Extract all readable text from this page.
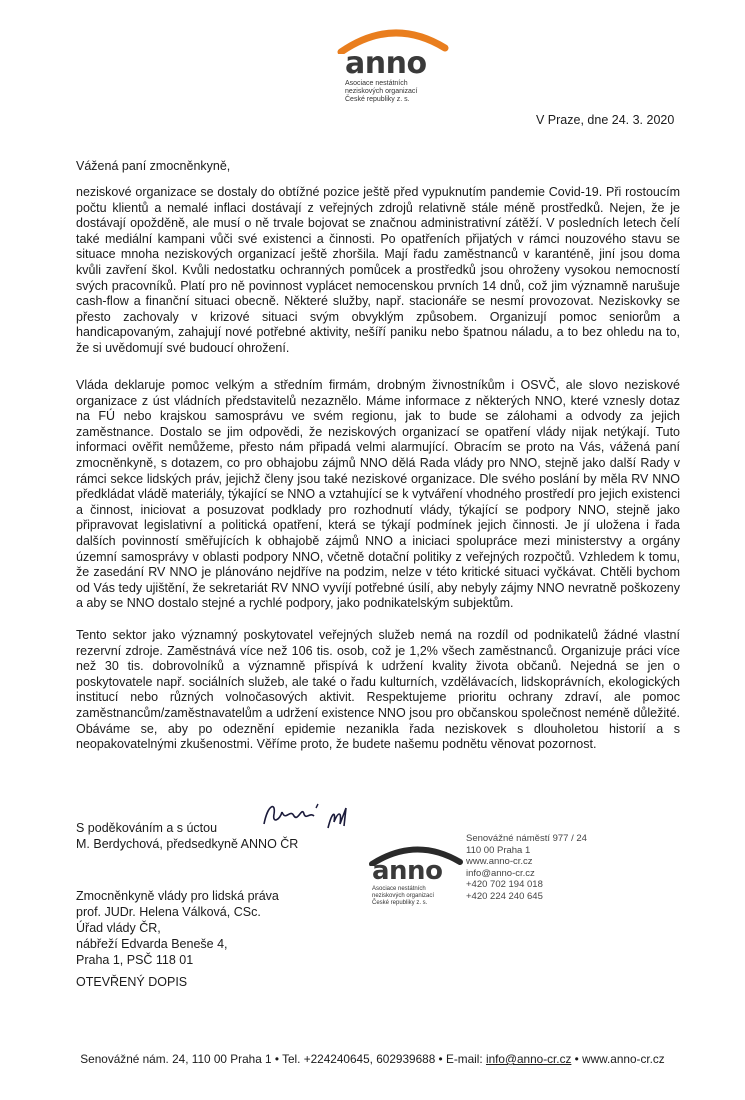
anno
Asociace nestátních
neziskových organizací
České republiky z. s.
V Praze, dne 24. 3. 2020
Vážená paní zmocněnkyně,
neziskové organizace se dostaly do obtížné pozice ještě před vypuknutím pandemie Covid-19. Při rostoucím počtu klientů a nemalé inflaci dostávají z veřejných zdrojů relativně stále méně prostředků. Nejen, že je dostávají opožděně, ale musí o ně trvale bojovat se značnou administrativní zátěží. V posledních letech čelí také mediální kampani vůči své existenci a činnosti. Po opatřeních přijatých v rámci nouzového stavu se situace mnoha neziskových organizací ještě zhoršila. Mají řadu zaměstnanců v karanténě, jiní jsou doma kvůli zavření škol. Kvůli nedostatku ochranných pomůcek a prostředků jsou ohroženy vysokou nemocností svých pracovníků. Platí pro ně povinnost vyplácet nemocenskou prvních 14 dnů, což jim významně narušuje cash-flow a finanční situaci obecně. Některé služby, např. stacionáře se nesmí provozovat. Neziskovky se přesto zachovaly v krizové situaci svým obvyklým způsobem. Organizují pomoc seniorům a handicapovaným, zahajují nové potřebné aktivity, nešíří paniku nebo špatnou náladu, a to bez ohledu na to, že si uvědomují své budoucí ohrožení.
Vláda deklaruje pomoc velkým a středním firmám, drobným živnostníkům i OSVČ, ale slovo neziskové organizace z úst vládních představitelů nezaznělo. Máme informace z některých NNO, které vznesly dotaz na FÚ nebo krajskou samosprávu ve svém regionu, jak to bude se zálohami a odvody za jejich zaměstnance. Dostalo se jim odpovědi, že neziskových organizací se opatření vlády nijak netýkají. Tuto informaci ověřit nemůžeme, přesto nám připadá velmi alarmující. Obracím se proto na Vás, vážená paní zmocněnkyně, s dotazem, co pro obhajobu zájmů NNO dělá Rada vlády pro NNO, stejně jako další Rady v rámci sekce lidských práv, jejichž členy jsou také neziskové organizace. Dle svého poslání by měla RV NNO předkládat vládě materiály, týkající se NNO a vztahující se k vytváření vhodného prostředí pro jejich existenci a činnost, iniciovat a posuzovat podklady pro rozhodnutí vlády, týkající se podpory NNO, stejně jako připravovat legislativní a politická opatření, která se týkají podmínek jejich činnosti. Je jí uložena i řada dalších povinností směřujících k obhajobě zájmů NNO a iniciaci spolupráce mezi ministerstvy a orgány územní samosprávy v oblasti podpory NNO, včetně dotační politiky z veřejných rozpočtů. Vzhledem k tomu, že zasedání RV NNO je plánováno nejdříve na podzim, nelze v této kritické situaci vyčkávat. Chtěli bychom od Vás tedy ujištění, že sekretariát RV NNO vyvíjí potřebné úsilí, aby nebyly zájmy NNO nevratně poškozeny a aby se NNO dostalo stejné a rychlé podpory, jako podnikatelským subjektům.
Tento sektor jako významný poskytovatel veřejných služeb nemá na rozdíl od podnikatelů žádné vlastní rezervní zdroje. Zaměstnává více než 106 tis. osob, což je 1,2% všech zaměstnanců. Organizuje práci více než 30 tis. dobrovolníků a významně přispívá k udržení kvality života občanů. Nejedná se jen o poskytovatele např. sociálních služeb, ale také o řadu kulturních, vzdělávacích, lidskoprávních, ekologických institucí nebo různých volnočasových aktivit. Respektujeme prioritu ochrany zdraví, ale pomoc zaměstnancům/zaměstnavatelům a udržení existence NNO jsou pro občanskou společnost neméně důležité. Obáváme se, aby po odeznění epidemie nezanikla řada neziskovek s dlouholetou historií a s neopakovatelnými zkušenostmi. Věříme proto, že budete našemu podnětu věnovat pozornost.
S poděkováním a s úctou
M. Berdychová, předsedkyně ANNO ČR
anno
Asociace nestátních
neziskových organizací
České republiky z. s.
Senovážné náměstí 977 / 24
110 00 Praha 1
www.anno-cr.cz
info@anno-cr.cz
+420 702 194 018
+420 224 240 645
Zmocněnkyně vlády pro lidská práva
prof. JUDr. Helena Válková, CSc.
Úřad vlády ČR,
nábřeží Edvarda Beneše 4,
Praha 1, PSČ 118 01
OTEVŘENÝ DOPIS
Senovážné nám. 24, 110 00 Praha 1 • Tel. +224240645, 602939688 • E-mail: info@anno-cr.cz • www.anno-cr.cz
